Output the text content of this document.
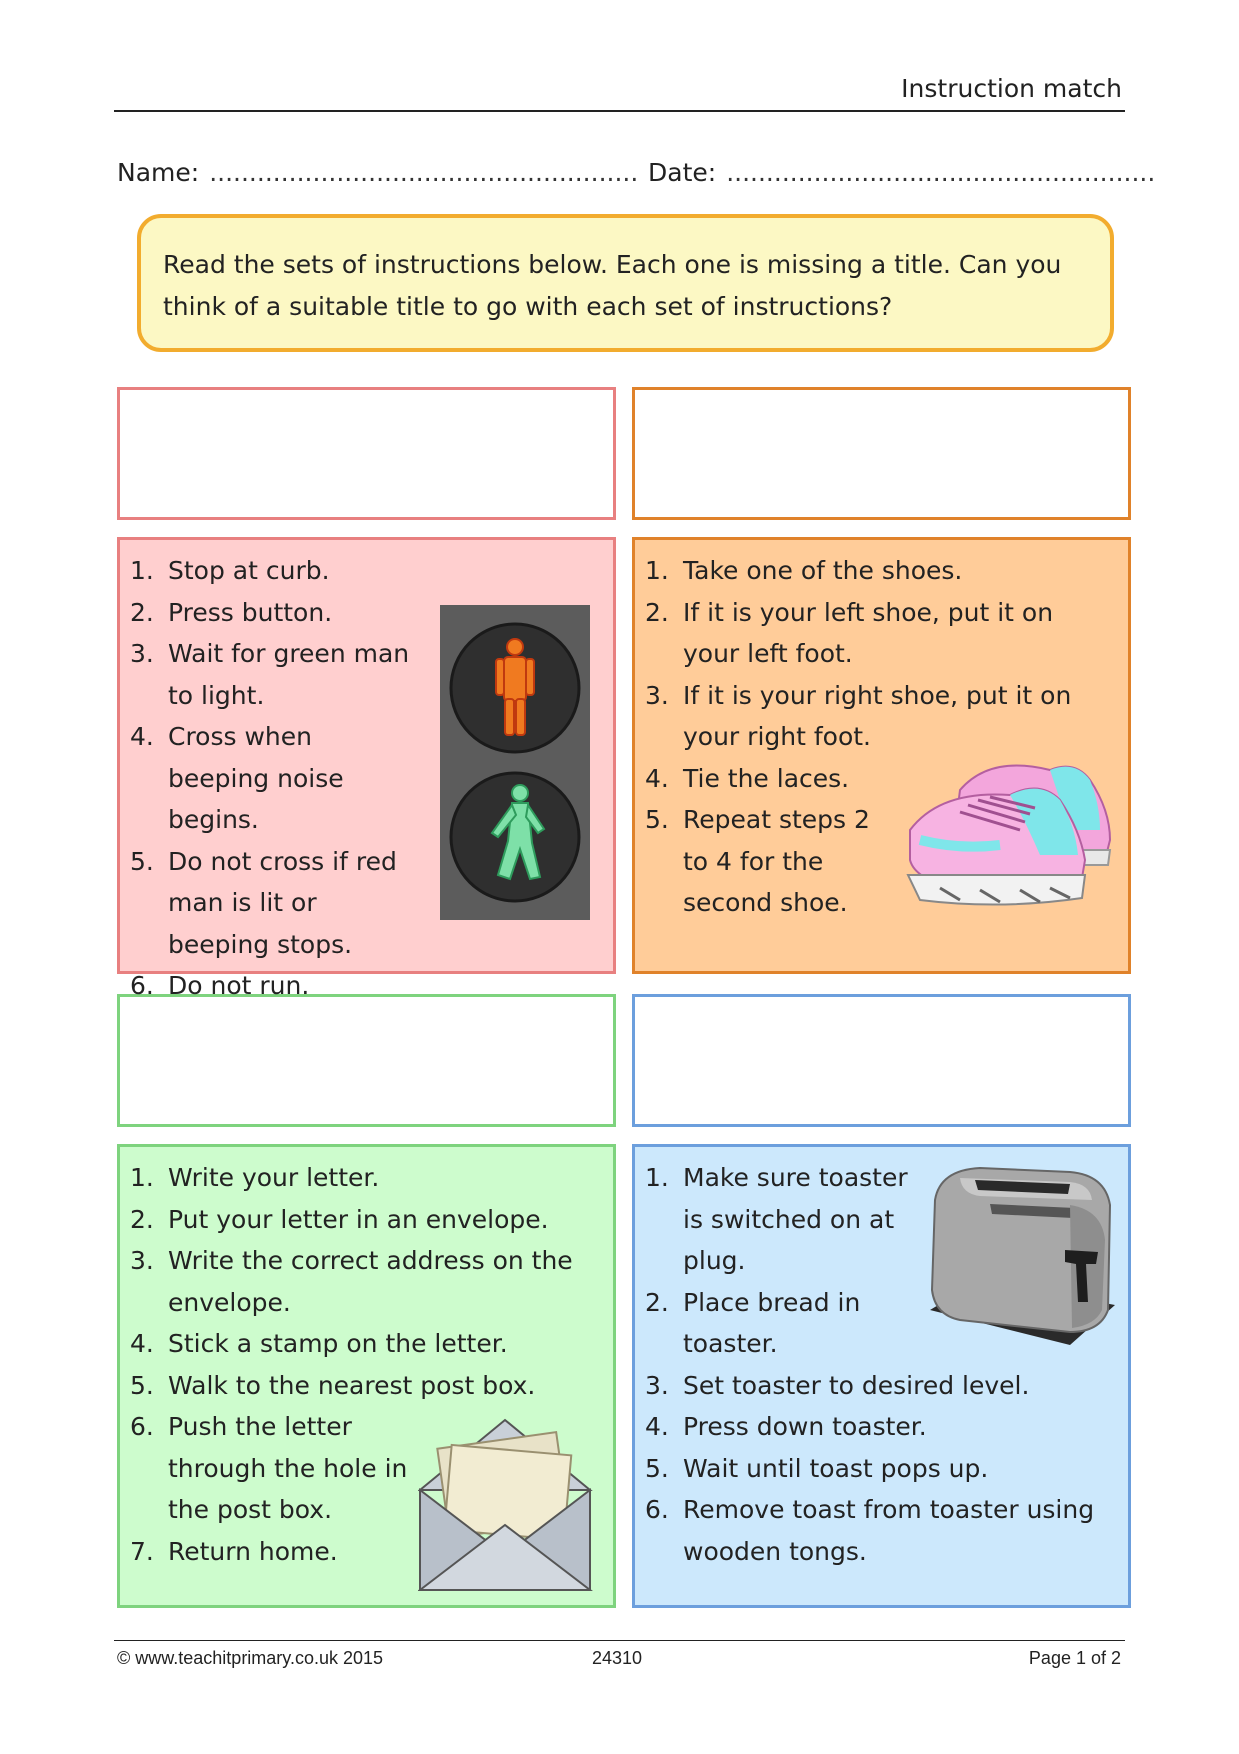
Instruction match
Name: ...................................................... Date: ......................................................
Read the sets of instructions below. Each one is missing a title. Can you think of a suitable title to go with each set of instructions?
1. Stop at curb.
2. Press button.
3. Wait for green man to light.
4. Cross when beeping noise begins.
5. Do not cross if red man is lit or beeping stops.
6. Do not run.
1. Take one of the shoes.
2. If it is your left shoe, put it on your left foot.
3. If it is your right shoe, put it on your right foot.
4. Tie the laces.
5. Repeat steps 2 to 4 for the second shoe.
1. Write your letter.
2. Put your letter in an envelope.
3. Write the correct address on the envelope.
4. Stick a stamp on the letter.
5. Walk to the nearest post box.
6. Push the letter through the hole in the post box.
7. Return home.
1. Make sure toaster is switched on at plug.
2. Place bread in toaster.
3. Set toaster to desired level.
4. Press down toaster.
5. Wait until toast pops up.
6. Remove toast from toaster using wooden tongs.
© www.teachitprimary.co.uk 2015	24310	Page 1 of 2
